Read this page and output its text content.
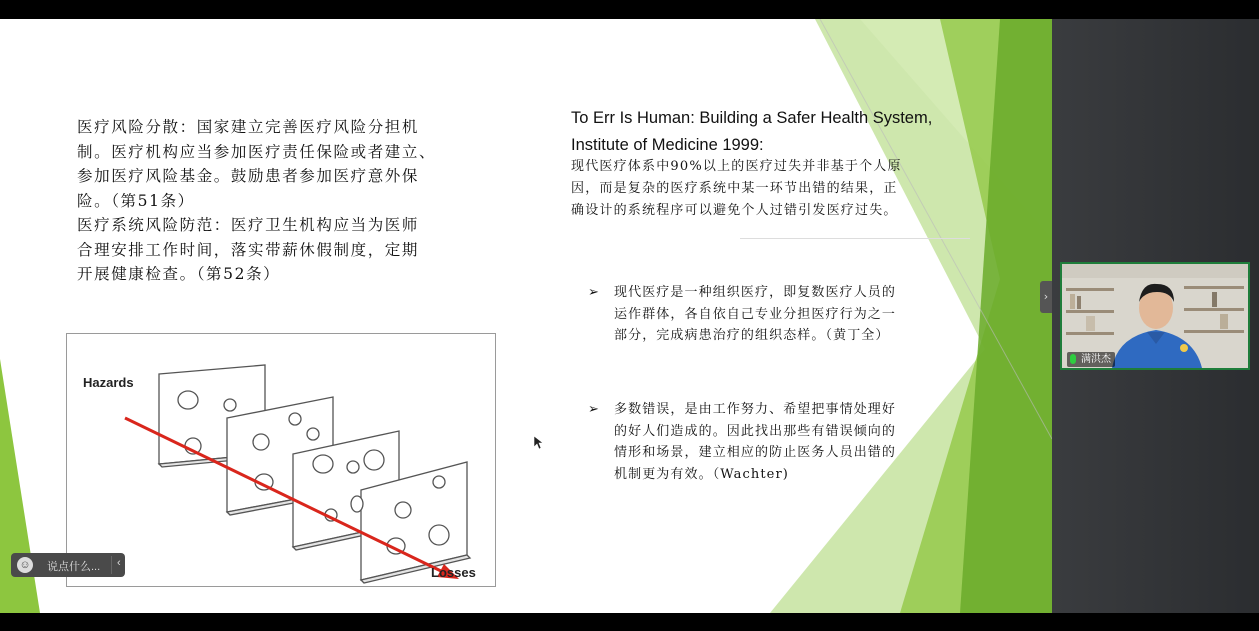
医疗风险分散：国家建立完善医疗风险分担机
制。医疗机构应当参加医疗责任保险或者建立、
参加医疗风险基金。鼓励患者参加医疗意外保
险。（第51条）
医疗系统风险防范：医疗卫生机构应当为医师
合理安排工作时间，落实带薪休假制度，定期
开展健康检查。（第52条）
To Err Is Human: Building a Safer Health System,
Institute of Medicine 1999:
现代医疗体系中90%以上的医疗过失并非基于个人原
因，而是复杂的医疗系统中某一环节出错的结果，正
确设计的系统程序可以避免个人过错引发医疗过失。
➢ 现代医疗是一种组织医疗，即复数医疗人员的
运作群体，各自依自己专业分担医疗行为之一
部分，完成病患治疗的组织态样。（黄丁全）
➢ 多数错误，是由工作努力、希望把事情处理好
的好人们造成的。因此找出那些有错误倾向的
情形和场景，建立相应的防止医务人员出错的
机制更为有效。（Wachter)
Hazards
Losses
☺ 说点什么... ‹
›
满洪杰
